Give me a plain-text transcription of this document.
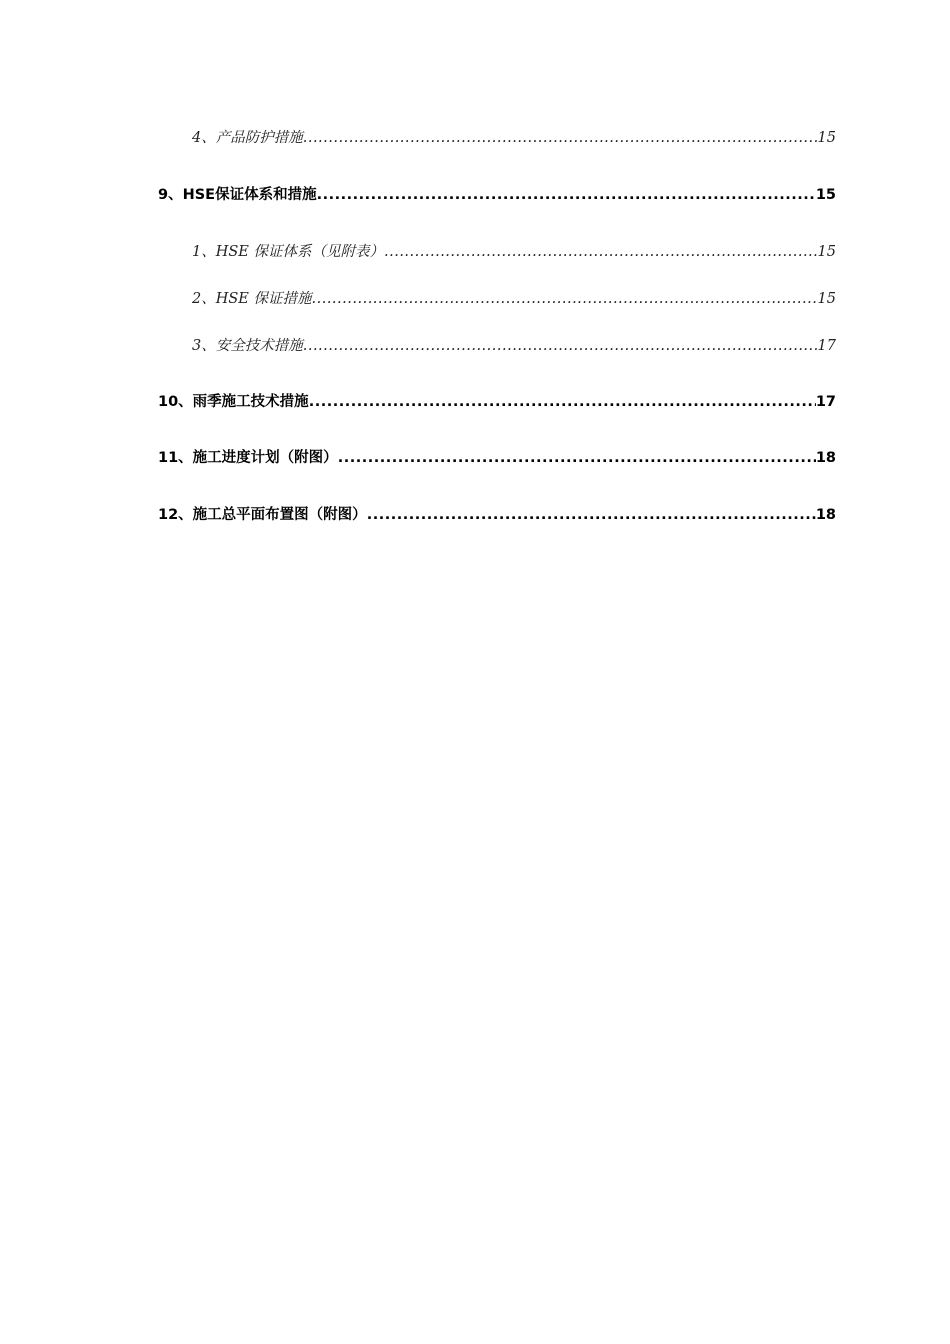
4、产品防护措施 .....	15
9、HSE保证体系和措施 .....	15
1、HSE 保证体系（见附表） .....	15
2、HSE 保证措施 .....	15
3、安全技术措施 .....	17
10、雨季施工技术措施 .....	17
11、施工进度计划（附图） .....	18
12、施工总平面布置图（附图） .....	18
